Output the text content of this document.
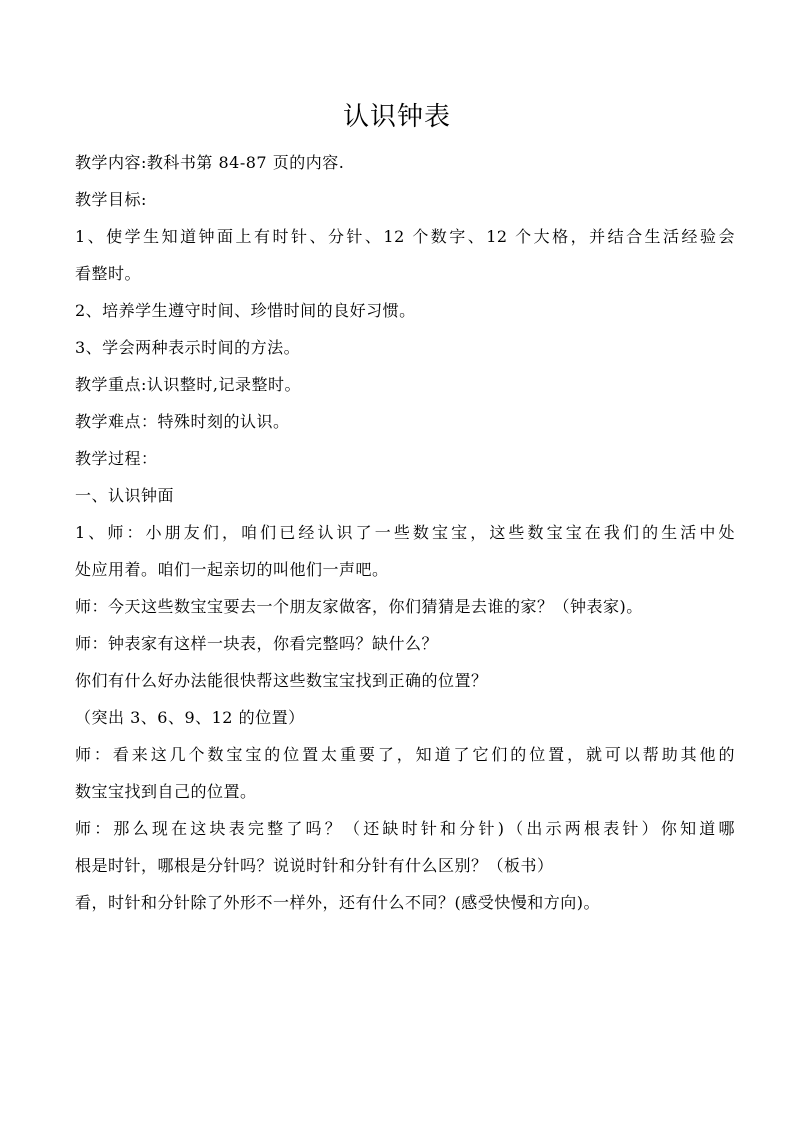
认识钟表
教学内容:教科书第 84-87 页的内容.
教学目标:
1、使学生知道钟面上有时针、分针、12 个数字、12 个大格，并结合生活经验会
看整时。
2、培养学生遵守时间、珍惜时间的良好习惯。
3、学会两种表示时间的方法。
教学重点:认识整时,记录整时。
教学难点：特殊时刻的认识。
教学过程：
一、认识钟面
1、师：小朋友们，咱们已经认识了一些数宝宝，这些数宝宝在我们的生活中处
处应用着。咱们一起亲切的叫他们一声吧。
师：今天这些数宝宝要去一个朋友家做客，你们猜猜是去谁的家？（钟表家)。
师：钟表家有这样一块表，你看完整吗？缺什么？
你们有什么好办法能很快帮这些数宝宝找到正确的位置？
（突出 3、6、9、12 的位置）
师：看来这几个数宝宝的位置太重要了，知道了它们的位置，就可以帮助其他的
数宝宝找到自己的位置。
师：那么现在这块表完整了吗？（还缺时针和分针)（出示两根表针）你知道哪
根是时针，哪根是分针吗？说说时针和分针有什么区别？（板书）
看，时针和分针除了外形不一样外，还有什么不同？(感受快慢和方向)。
